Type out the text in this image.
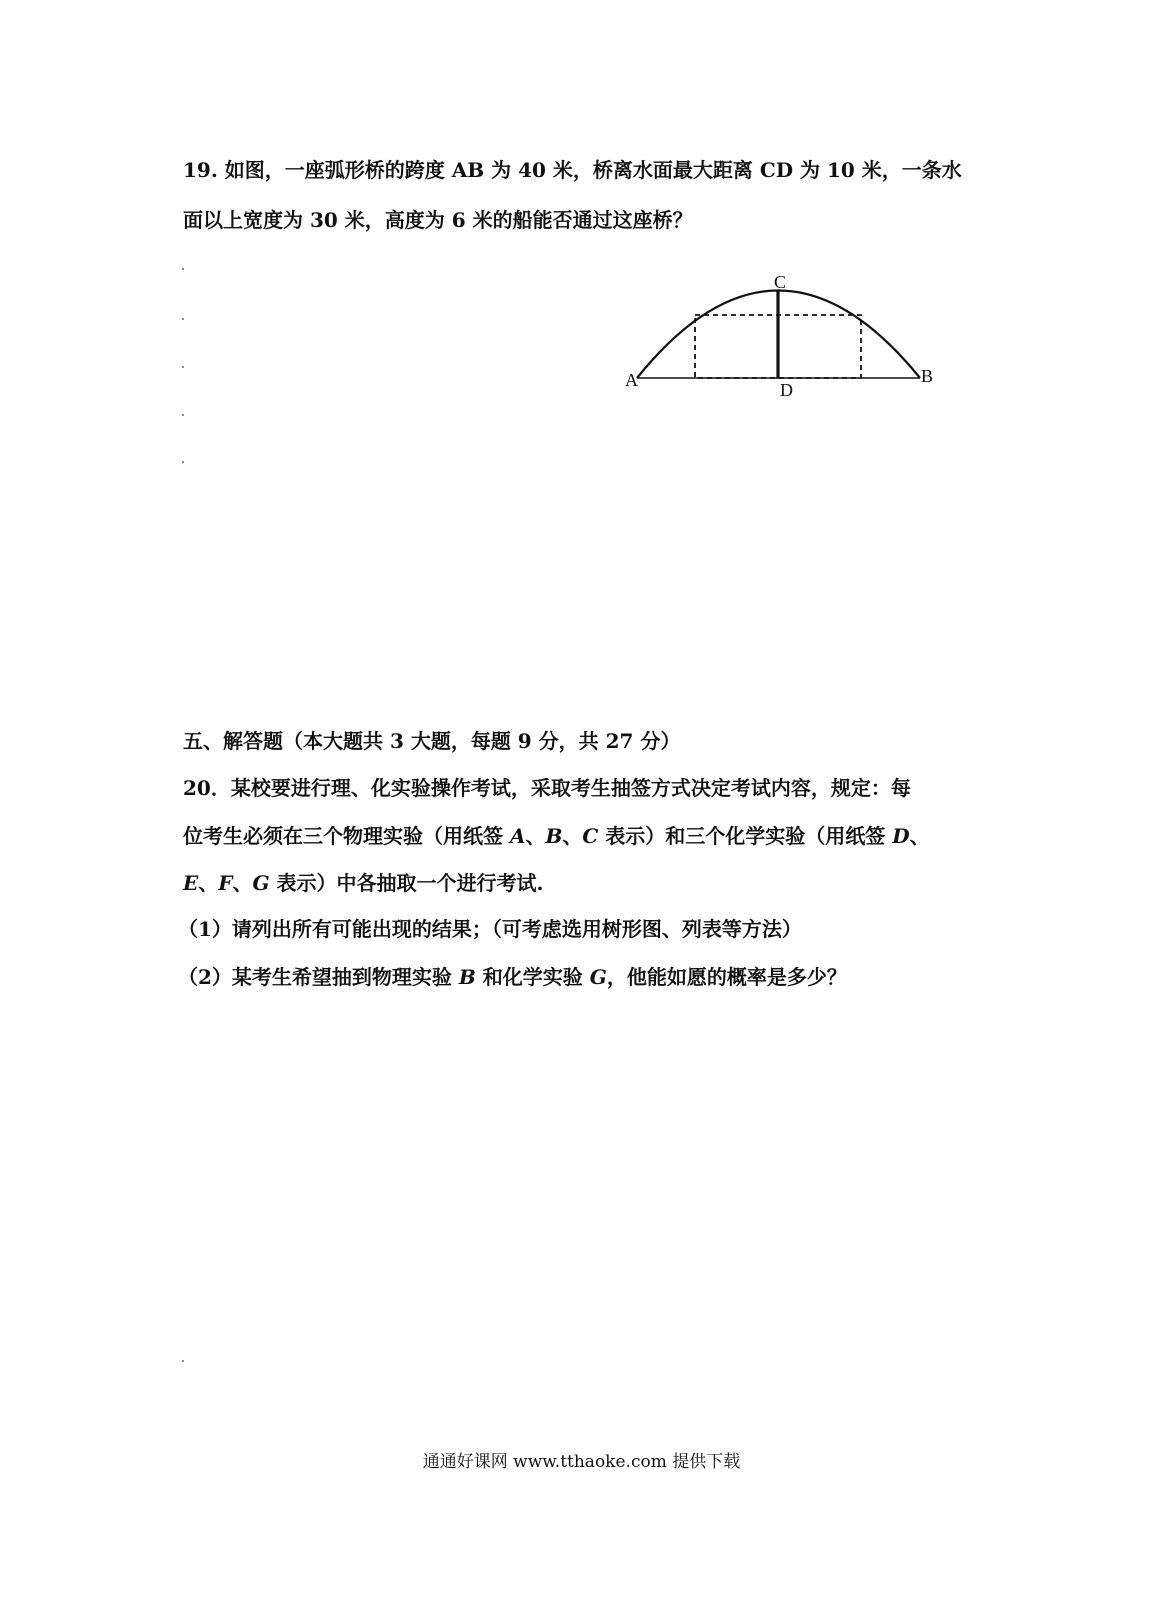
19. 如图，一座弧形桥的跨度 AB 为 40 米，桥离水面最大距离 CD 为 10 米，一条水
面以上宽度为 30 米，高度为 6 米的船能否通过这座桥？
A	B
C
D
五、解答题（本大题共 3 大题，每题 9 分，共 27 分）
20．某校要进行理、化实验操作考试，采取考生抽签方式决定考试内容，规定：每
位考生必须在三个物理实验（用纸签 A、B、C 表示）和三个化学实验（用纸签 D、
E、F、G 表示）中各抽取一个进行考试.
（1）请列出所有可能出现的结果；（可考虑选用树形图、列表等方法）
（2）某考生希望抽到物理实验 B 和化学实验 G，他能如愿的概率是多少？
通通好课网 www.tthaoke.com 提供下载
